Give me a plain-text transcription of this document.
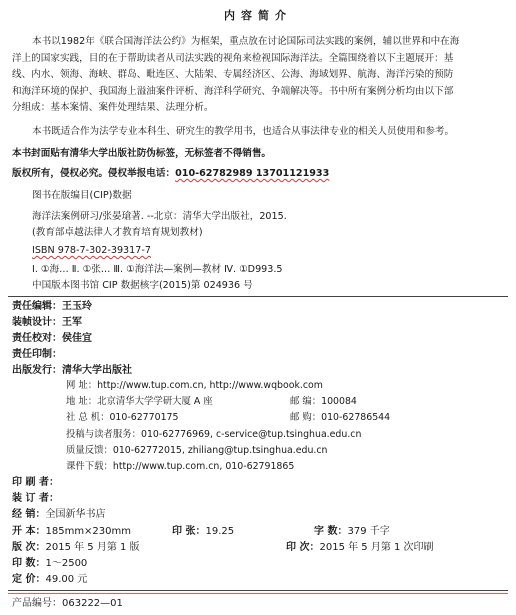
内容简介
本书以1982年《联合国海洋法公约》为框架，重点放在讨论国际司法实践的案例，辅以世界和中在海
洋上的国家实践，目的在于帮助读者从司法实践的视角来检视国际海洋法。全篇围绕着以下主题展开：基
线、内水、领海、海峡、群岛、毗连区、大陆架、专属经济区、公海、海域划界、航海、海洋污染的预防
和海洋环境的保护、我国海上溢油案件评析、海洋科学研究、争端解决等。书中所有案例分析均由以下部
分组成：基本案情、案件处理结果、法理分析。
本书既适合作为法学专业本科生、研究生的教学用书，也适合从事法律专业的相关人员使用和参考。
本书封面贴有清华大学出版社防伪标签，无标签者不得销售。
版权所有，侵权必究。侵权举报电话：010-62782989 13701121933
图书在版编目(CIP)数据
海洋法案例研习/张晏瑲著. --北京：清华大学出版社，2015.
(教育部卓越法律人才教育培育规划教材)
ISBN 978-7-302-39317-7
Ⅰ. ①海… Ⅱ. ①张… Ⅲ. ①海洋法—案例—教材 Ⅳ. ①D993.5
中国版本图书馆 CIP 数据核字(2015)第 024936 号
责任编辑：王玉玲
装帧设计：王军
责任校对：侯佳宜
责任印制：
出版发行：清华大学出版社
网 址：http://www.tup.com.cn, http://www.wqbook.com
地 址：北京清华大学学研大厦 A 座	邮 编：100084
社 总 机：010-62770175	邮 购：010-62786544
投稿与读者服务：010-62776969, c-service@tup.tsinghua.edu.cn
质量反馈：010-62772015, zhiliang@tup.tsinghua.edu.cn
课件下载：http://www.tup.com.cn, 010-62791865
印 刷 者：
装 订 者：
经 销：全国新华书店
开 本：185mm×230mm	印 张：19.25	字 数：379 千字
版 次：2015 年 5 月第 1 版	印 次：2015 年 5 月第 1 次印刷
印 数：1～2500
定 价：49.00 元
产品编号：063222—01
